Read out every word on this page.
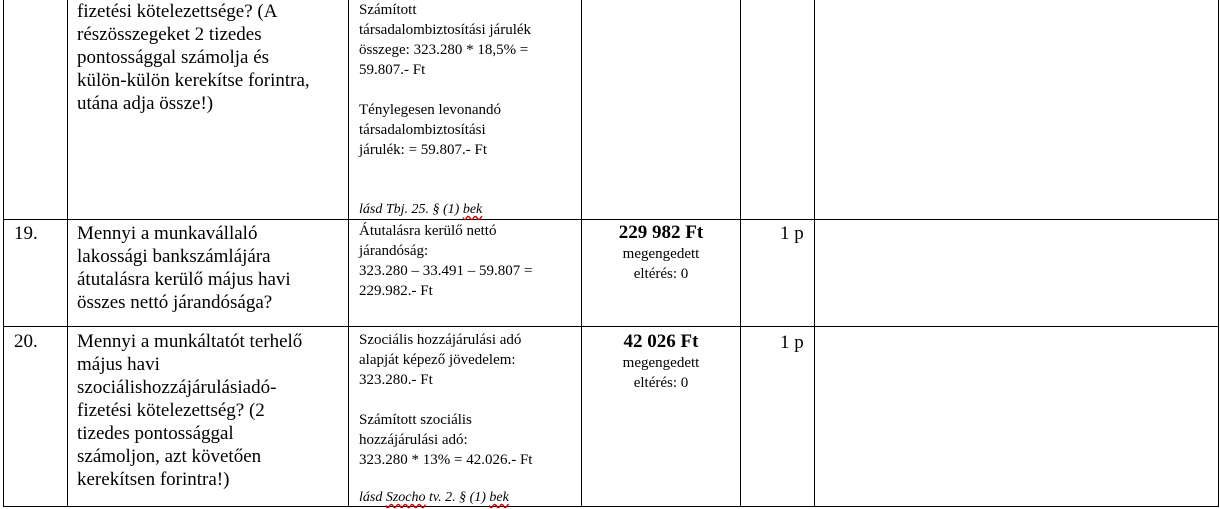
fizetési kötelezettsége? (A
részösszegeket 2 tizedes
pontossággal számolja és
külön-külön kerekítse forintra,
utána adja össze!)
Számított
társadalombiztosítási járulék
összege: 323.280 * 18,5% =
59.807.- Ft

Ténylegesen levonandó
társadalombiztosítási
járulék: = 59.807.- Ft
lásd Tbj. 25. § (1) bek
19. Mennyi a munkavállaló
lakossági bankszámlájára
átutalásra kerülő május havi
összes nettó járandósága?
Átutalásra kerülő nettó
járandóság:
323.280 – 33.491 – 59.807 =
229.982.- Ft
229 982 Ft
megengedett
eltérés: 0
1 p
20. Mennyi a munkáltatót terhelő
május havi
szociálishozzájárulásiadó-
fizetési kötelezettség? (2
tizedes pontossággal
számoljon, azt követően
kerekítsen forintra!)
Szociális hozzájárulási adó
alapját képező jövedelem:
323.280.- Ft

Számított szociális
hozzájárulási adó:
323.280 * 13% = 42.026.- Ft
lásd Szocho tv. 2. § (1) bek
42 026 Ft
megengedett
eltérés: 0
1 p
